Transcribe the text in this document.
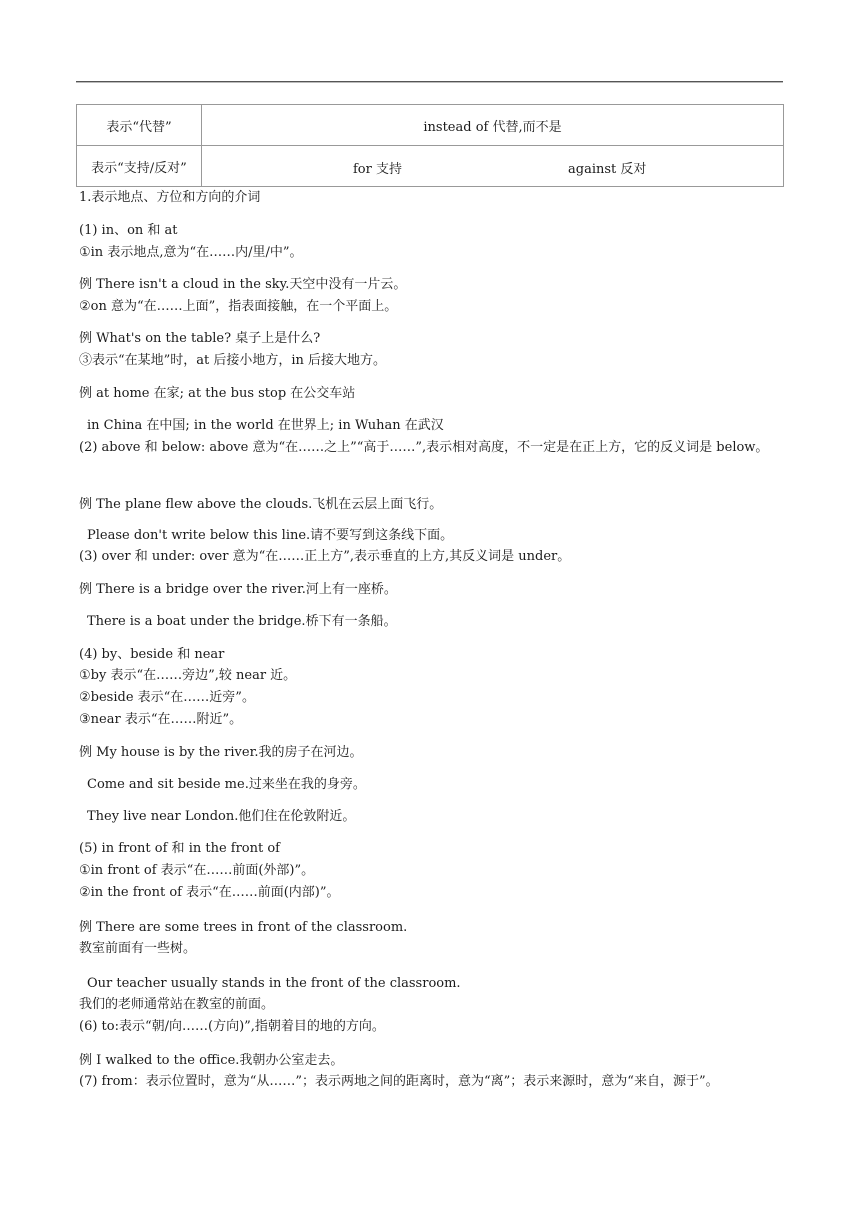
表示“代替”	instead of 代替,而不是
表示“支持/反对”	for 支持 against 反对
1.表示地点、方位和方向的介词
(1) in、on 和 at
①in 表示地点,意为“在……内/里/中”。
例 There isn't a cloud in the sky.天空中没有一片云。
②on 意为“在……上面”，指表面接触，在一个平面上。
例 What's on the table? 桌子上是什么?
③表示“在某地”时，at 后接小地方，in 后接大地方。
例 at home 在家; at the bus stop 在公交车站
in China 在中国; in the world 在世界上; in Wuhan 在武汉
(2) above 和 below: above 意为“在……之上”“高于……”,表示相对高度，不一定是在正上方，它的反义词是 below。
例 The plane flew above the clouds.飞机在云层上面飞行。
Please don't write below this line.请不要写到这条线下面。
(3) over 和 under: over 意为“在……正上方”,表示垂直的上方,其反义词是 under。
例 There is a bridge over the river.河上有一座桥。
There is a boat under the bridge.桥下有一条船。
(4) by、beside 和 near
①by 表示“在……旁边”,较 near 近。
②beside 表示“在……近旁”。
③near 表示“在……附近”。
例 My house is by the river.我的房子在河边。
Come and sit beside me.过来坐在我的身旁。
They live near London.他们住在伦敦附近。
(5) in front of 和 in the front of
①in front of 表示“在……前面(外部)”。
②in the front of 表示“在……前面(内部)”。
例 There are some trees in front of the classroom.
教室前面有一些树。
Our teacher usually stands in the front of the classroom.
我们的老师通常站在教室的前面。
(6) to:表示“朝/向……(方向)”,指朝着目的地的方向。
例 I walked to the office.我朝办公室走去。
(7) from：表示位置时，意为“从……”；表示两地之间的距离时，意为“离”；表示来源时，意为“来自，源于”。
